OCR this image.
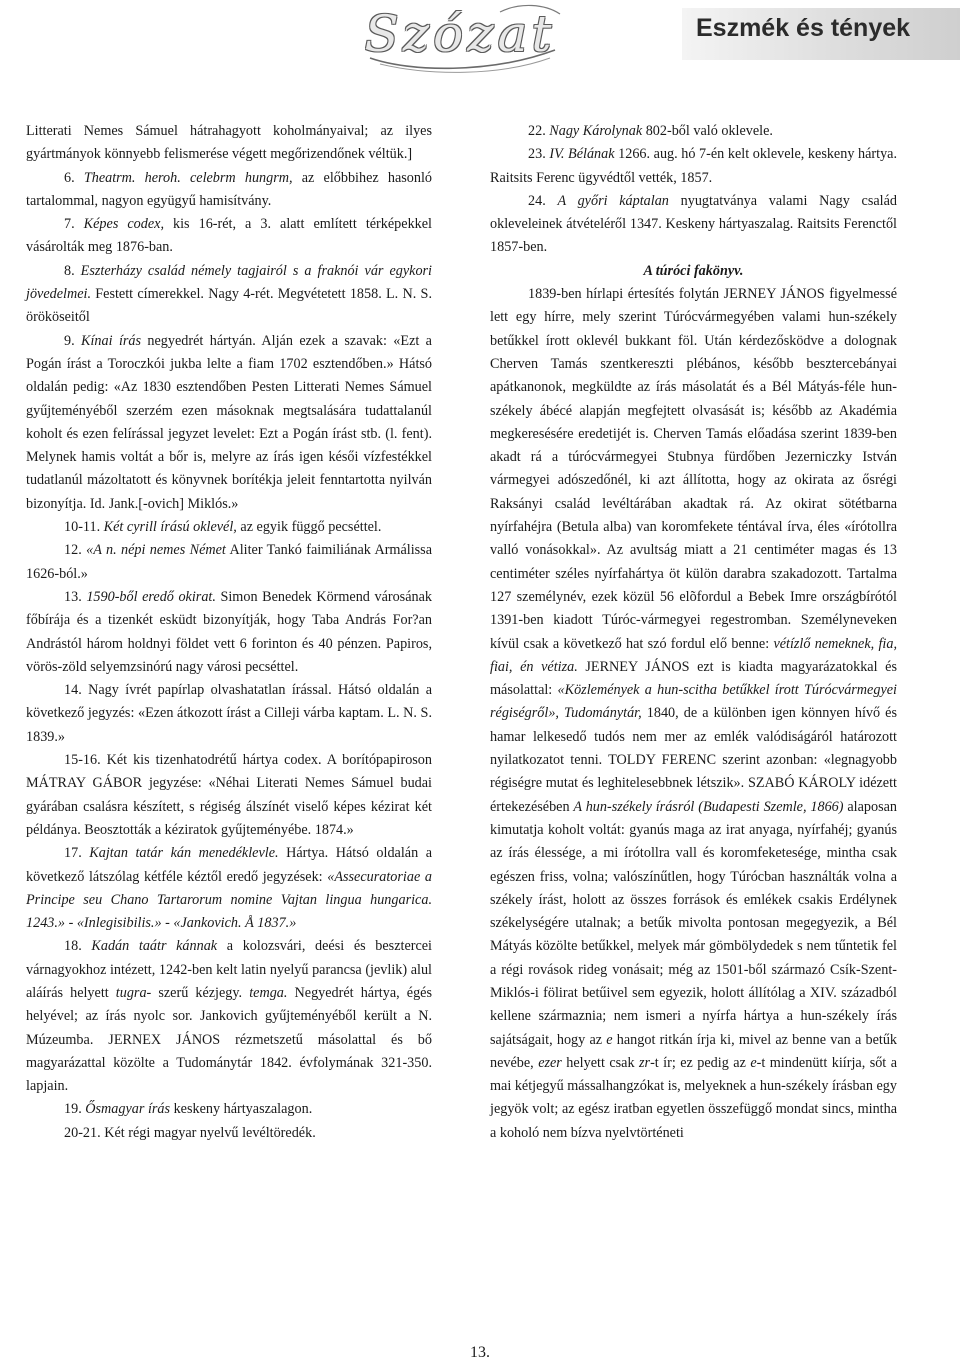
Szózat	Eszmék és tények

Litterati Nemes Sámuel hátrahagyott koholmányaival; az ilyes gyártmányok könnyebb felismerése végett megőrizendőnek véltük.]

6. Theatrm. heroh. celebrm hungrm, az előbbihez hasonló tartalommal, nagyon együgyű hamisítvány.

7. Képes codex, kis 16-rét, a 3. alatt említett térképekkel vásárolták meg 1876-ban.

8. Eszterházy család némely tagjairól s a fraknói vár egykori jövedelmei. Festett címerekkel. Nagy 4-rét. Megvétetett 1858. L. N. S. örököseitől

9. Kínai írás negyedrét hártyán. Alján ezek a szavak: «Ezt a Pogán írást a Toroczkói jukba lelte a fiam 1702 esztendőben.» Hátsó oldalán pedig: «Az 1830 esztendőben Pesten Litterati Nemes Sámuel gyűjteményéből szerzém ezen másoknak megtsalására tudattalanúl koholt és ezen felírással jegyzet levelet: Ezt a Pogán írást stb. (l. fent). Melynek hamis voltát a bőr is, melyre az írás igen késői vízfestékkel tudatlanúl mázoltatott és könyvnek borítékja jeleit fenntartotta nyilván bizonyítja. Id. Jank.[-ovich] Miklós.»

10-11. Két cyrill írású oklevél, az egyik függő pecséttel.

12. «A n. népi nemes Német Aliter Tankó faimiliának Armálissa 1626-ból.»

13. 1590-ből eredő okirat. Simon Benedek Körmend városának főbírája és a tizenkét esküdt bizonyítják, hogy Taba András For?an Andrástól három holdnyi földet vett 6 forinton és 40 pénzen. Papiros, vörös-zöld selyemzsinórú nagy városi pecséttel.

14. Nagy ívrét papírlap olvashatatlan írással. Hátsó oldalán a következő jegyzés: «Ezen átkozott írást a Cilleji várba kaptam. L. N. S. 1839.»

15-16. Két kis tizenhatodrétű hártya codex. A borítópapiroson MÁTRAY GÁBOR jegyzése: «Néhai Literati Nemes Sámuel budai gyárában csalásra készített, s régiség álszínét viselő képes kézirat két példánya. Beosztották a kéziratok gyűjteményébe. 1874.»

17. Kajtan tatár kán menedéklevle. Hártya. Hátsó oldalán a következő látszólag kétféle kéztől eredő jegyzések: «Assecuratoriae a Principe seu Chano Tartarorum nomine Vajtan lingua hungarica. 1243.» - «Inlegisibilis.» - «Jankovich. Å 1837.»

18. Kadán taátr kánnak a kolozsvári, deési és besztercei várnagyokhoz intézett, 1242-ben kelt latin nyelyű parancsa (jevlik) alul aláírás helyett tugra- szerű kézjegy. temga. Negyedrét hártya, égés helyével; az írás nyolc sor. Jankovich gyűjteményéből került a N. Múzeumba. JERNEX JÁNOS rézmetszetű másolattal és bő magyarázattal közölte a Tudománytár 1842. évfolymának 321-350. lapjain.

19. Ősmagyar írás keskeny hártyaszalagon.

20-21. Két régi magyar nyelvű levéltöredék.

22. Nagy Károlynak 802-ből való oklevele.

23. IV. Bélának 1266. aug. hó 7-én kelt oklevele, keskeny hártya. Raitsits Ferenc ügyvédtől vették, 1857.

24. A győri káptalan nyugtatványa valami Nagy család okleveleinek átvételéről 1347. Keskeny hártyaszalag. Raitsits Ferenctől 1857-ben.

A túróci fakönyv.

1839-ben hírlapi értesítés folytán JERNEY JÁNOS figyelmessé lett egy hírre, mely szerint Túrócvármegyében valami hun-székely betűkkel írott oklevél bukkant föl. Után kérdezősködve a dolognak Cherven Tamás szentkereszti plébános, később besztercebányai apátkanonok, megküldte az írás másolatát és a Bél Mátyás-féle hun-székely ábécé alapján megfejtett olvasását is; később az Akadémia megkeresésére eredetijét is. Cherven Tamás előadása szerint 1839-ben akadt rá a túrócvármegyei Stubnya fürdőben Jezerniczky István vármegyei adószedőnél, ki azt állította, hogy az okirata az ősrégi Raksányi család levéltárában akadtak rá. Az okirat sötétbarna nyírfahéjra (Betula alba) van koromfekete téntával írva, éles «írótollra valló vonásokkal». Az avultság miatt a 21 centiméter magas és 13 centiméter széles nyírfahártya öt külön darabra szakadozott. Tartalma 127 személynév, ezek közül 56 elõfordul a Bebek Imre országbírótól 1391-ben kiadott Túróc-vármegyei regestromban. Személyneveken kívül csak a következő hat szó fordul elő benne: vétízlő nemeknek, fia, fiai, én vétiza. JERNEY JÁNOS ezt is kiadta magyarázatokkal és másolattal: «Közlemények a hun-scitha betűkkel írott Túrócvármegyei régiségről», Tudománytár, 1840, de a különben igen könnyen hívő és hamar lelkesedő tudós nem mer az emlék valódiságáról határozott nyilatkozatot tenni. TOLDY FERENC szerint azonban: «legnagyobb régiségre mutat és leghitelesebbnek létszik». SZABÓ KÁROLY idézett értekezésében A hun-székely írásról (Budapesti Szemle, 1866) alaposan kimutatja koholt voltát: gyanús maga az irat anyaga, nyírfahéj; gyanús az írás élessége, a mi írótollra vall és koromfeketesége, mintha csak egészen friss, volna; valószínűtlen, hogy Túrócban használták volna a székely írást, holott az összes források és emlékek csakis Erdélynek székelységére utalnak; a betűk mivolta pontosan megegyezik, a Bél Mátyás közölte betűkkel, melyek már gömbölydedek s nem tűntetik fel a régi rovások rideg vonásait; még az 1501-ből származó Csík-Szent-Miklós-i fölirat betűivel sem egyezik, holott állítólag a XIV. századból kellene származnia; nem ismeri a nyírfa hártya a hun-székely írás sajátságait, hogy az e hangot ritkán írja ki, mivel az benne van a betűk nevébe, ezer helyett csak zr-t ír; ez pedig az e-t mindenütt kiírja, sőt a mai kétjegyű mássalhangzókat is, melyeknek a hun-székely írásban egy jegyök volt; az egész iratban egyetlen összefüggő mondat sincs, mintha a koholó nem bízva nyelvtörténeti

13.
